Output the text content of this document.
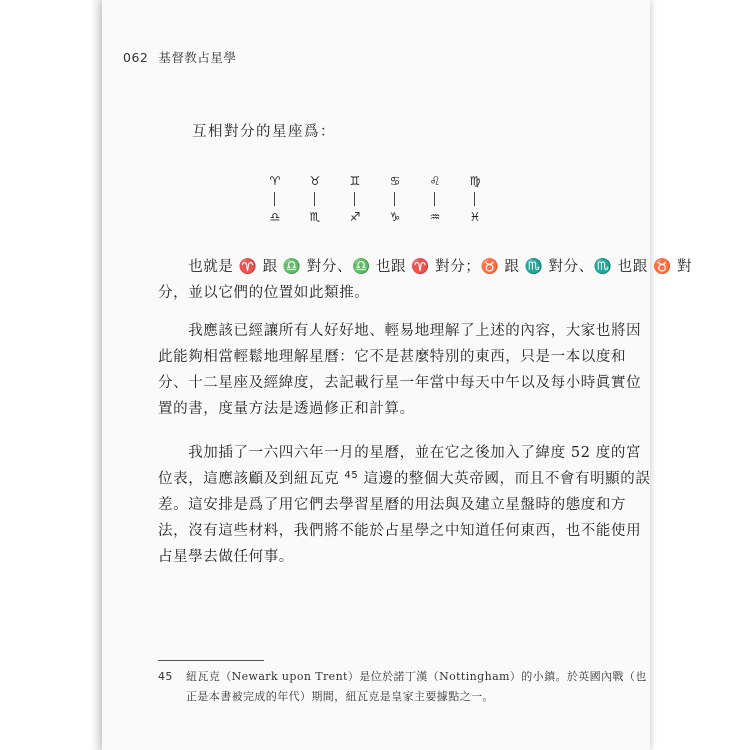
062 基督教占星學
互相對分的星座爲：
♈	♉	♊	♋	♌	♍
♎	♏	♐	♑	♒	♓
　　也就是 ♈ 跟 ♎ 對分、♎ 也跟 ♈ 對分；♉ 跟 ♏ 對分、♏ 也跟 ♉ 對
分，並以它們的位置如此類推。
　　我應該已經讓所有人好好地、輕易地理解了上述的內容，大家也將因
此能夠相當輕鬆地理解星曆：它不是甚麼特別的東西，只是一本以度和
分、十二星座及經緯度，去記載行星一年當中每天中午以及每小時眞實位
置的書，度量方法是透過修正和計算。
　　我加插了一六四六年一月的星曆，並在它之後加入了緯度 52 度的宮
位表，這應該顧及到紐瓦克 $^{45}$ 這邊的整個大英帝國，而且不會有明顯的誤
差。這安排是爲了用它們去學習星曆的用法與及建立星盤時的態度和方
法，沒有這些材料，我們將不能於占星學之中知道任何東西，也不能使用
占星學去做任何事。
45 紐瓦克（Newark upon Trent）是位於諾丁漢（Nottingham）的小鎮。於英國內戰（也
正是本書被完成的年代）期間，紐瓦克是皇家主要據點之一。
